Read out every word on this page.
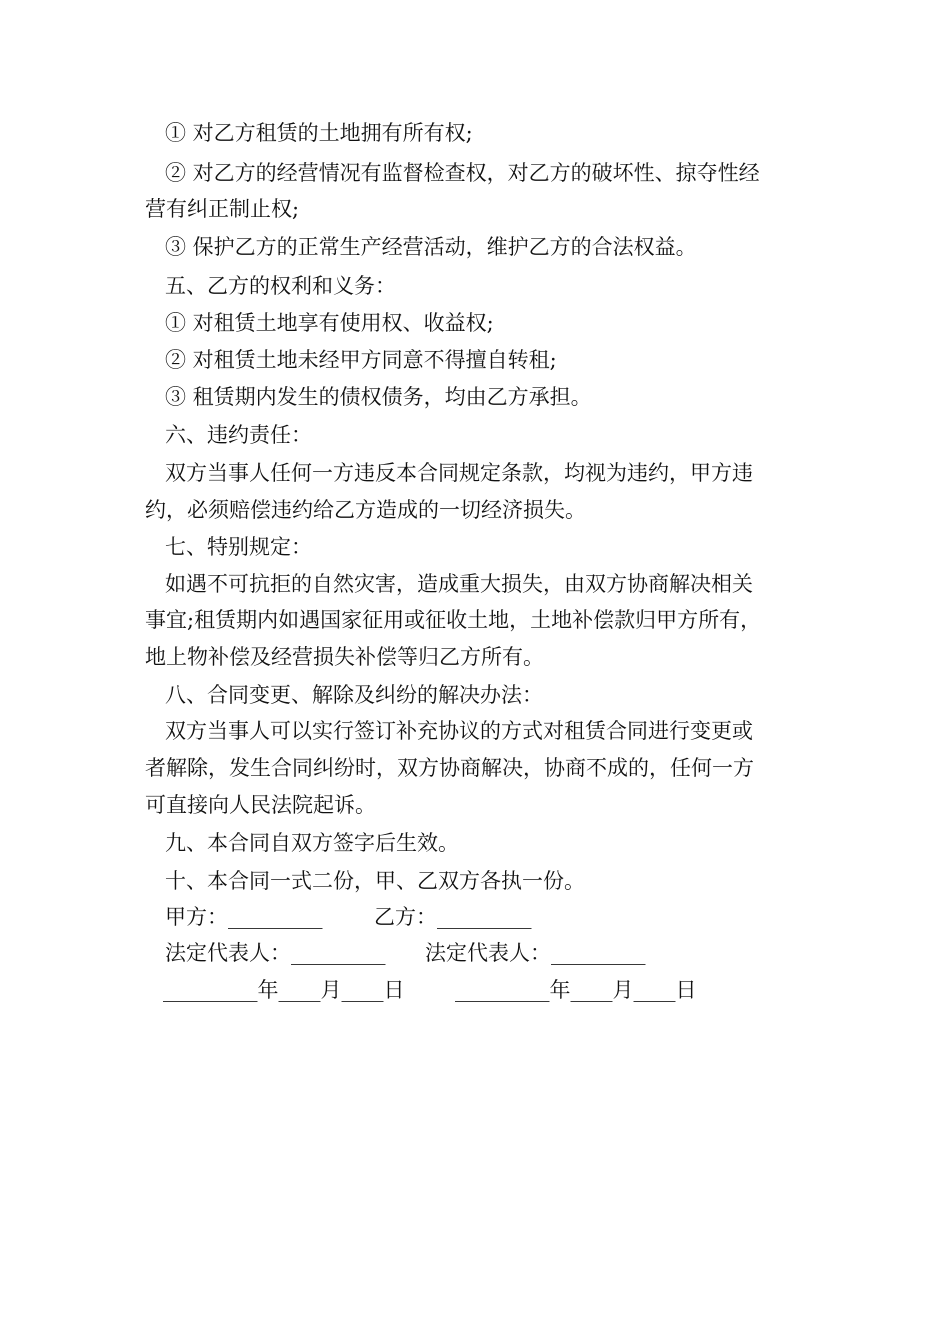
① 对乙方租赁的土地拥有所有权;
② 对乙方的经营情况有监督检查权，对乙方的破坏性、掠夺性经
营有纠正制止权;
③ 保护乙方的正常生产经营活动，维护乙方的合法权益。
五、乙方的权利和义务：
① 对租赁土地享有使用权、收益权;
② 对租赁土地未经甲方同意不得擅自转租;
③ 租赁期内发生的债权债务，均由乙方承担。
六、违约责任：
双方当事人任何一方违反本合同规定条款，均视为违约，甲方违
约，必须赔偿违约给乙方造成的一切经济损失。
七、特别规定：
如遇不可抗拒的自然灾害，造成重大损失，由双方协商解决相关
事宜;租赁期内如遇国家征用或征收土地，土地补偿款归甲方所有，
地上物补偿及经营损失补偿等归乙方所有。
八、合同变更、解除及纠纷的解决办法：
双方当事人可以实行签订补充协议的方式对租赁合同进行变更或
者解除，发生合同纠纷时，双方协商解决，协商不成的，任何一方
可直接向人民法院起诉。
九、本合同自双方签字后生效。
十、本合同一式二份，甲、乙双方各执一份。
甲方：_________ 乙方：_________
法定代表人：_________ 法定代表人：_________
_________年____月____日 _________年____月____日
